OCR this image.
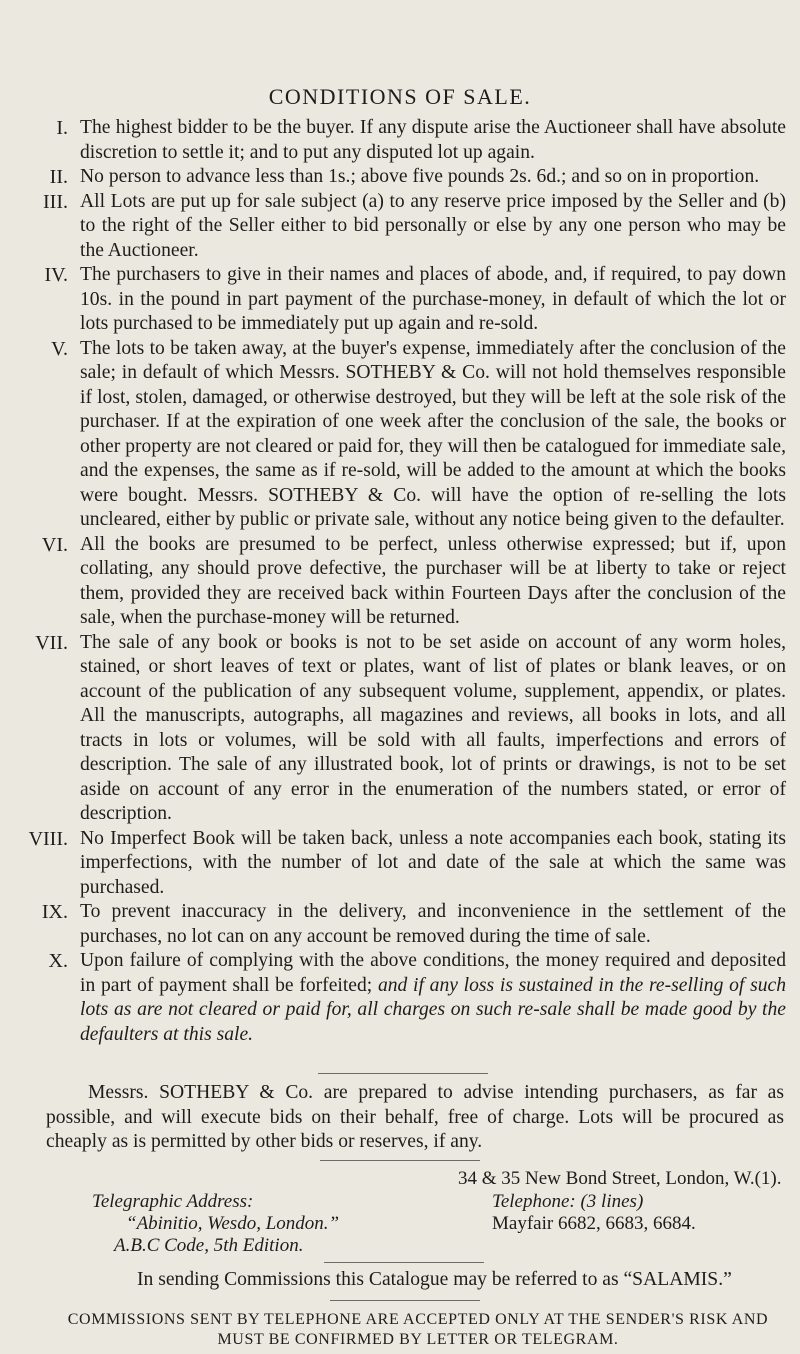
CONDITIONS OF SALE.
I. The highest bidder to be the buyer. If any dispute arise the Auctioneer shall have absolute discretion to settle it; and to put any disputed lot up again.
II. No person to advance less than 1s.; above five pounds 2s. 6d.; and so on in proportion.
III. All Lots are put up for sale subject (a) to any reserve price imposed by the Seller and (b) to the right of the Seller either to bid personally or else by any one person who may be the Auctioneer.
IV. The purchasers to give in their names and places of abode, and, if required, to pay down 10s. in the pound in part payment of the purchase-money, in default of which the lot or lots purchased to be immediately put up again and re-sold.
V. The lots to be taken away, at the buyer's expense, immediately after the conclusion of the sale; in default of which Messrs. SOTHEBY & Co. will not hold themselves responsible if lost, stolen, damaged, or otherwise destroyed, but they will be left at the sole risk of the purchaser. If at the expiration of one week after the conclusion of the sale, the books or other property are not cleared or paid for, they will then be catalogued for immediate sale, and the expenses, the same as if re-sold, will be added to the amount at which the books were bought. Messrs. SOTHEBY & Co. will have the option of re-selling the lots uncleared, either by public or private sale, without any notice being given to the defaulter.
VI. All the books are presumed to be perfect, unless otherwise expressed; but if, upon collating, any should prove defective, the purchaser will be at liberty to take or reject them, provided they are received back within Fourteen Days after the conclusion of the sale, when the purchase-money will be returned.
VII. The sale of any book or books is not to be set aside on account of any worm holes, stained, or short leaves of text or plates, want of list of plates or blank leaves, or on account of the publication of any subsequent volume, supplement, appendix, or plates. All the manuscripts, autographs, all magazines and reviews, all books in lots, and all tracts in lots or volumes, will be sold with all faults, imperfections and errors of description. The sale of any illustrated book, lot of prints or drawings, is not to be set aside on account of any error in the enumeration of the numbers stated, or error of description.
VIII. No Imperfect Book will be taken back, unless a note accompanies each book, stating its imperfections, with the number of lot and date of the sale at which the same was purchased.
IX. To prevent inaccuracy in the delivery, and inconvenience in the settlement of the purchases, no lot can on any account be removed during the time of sale.
X. Upon failure of complying with the above conditions, the money required and deposited in part of payment shall be forfeited; and if any loss is sustained in the re-selling of such lots as are not cleared or paid for, all charges on such re-sale shall be made good by the defaulters at this sale.
Messrs. SOTHEBY & Co. are prepared to advise intending purchasers, as far as possible, and will execute bids on their behalf, free of charge. Lots will be procured as cheaply as is permitted by other bids or reserves, if any.
34 & 35 New Bond Street, London, W.(1).
Telegraphic Address:
“Abinitio, Wesdo, London.”
A.B.C Code, 5th Edition.
Telephone: (3 lines)
Mayfair 6682, 6683, 6684.
In sending Commissions this Catalogue may be referred to as “SALAMIS.”
COMMISSIONS SENT BY TELEPHONE ARE ACCEPTED ONLY AT THE SENDER'S RISK AND
MUST BE CONFIRMED BY LETTER OR TELEGRAM.
